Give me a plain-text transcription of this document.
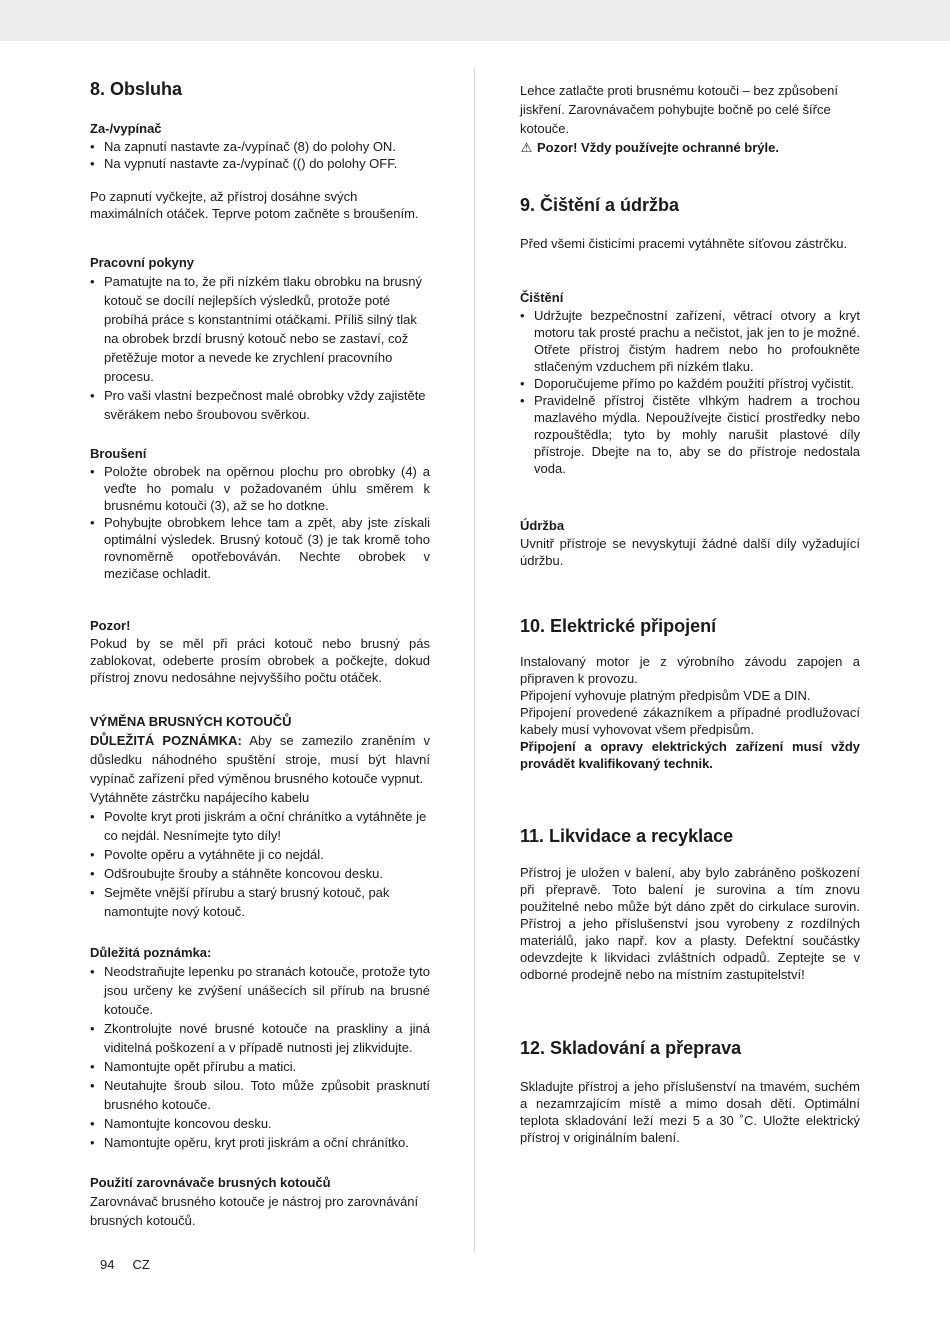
8. Obsluha
Za-/vypínač
• Na zapnutí nastavte za-/vypínač (8) do polohy ON.
• Na vypnutí nastavte za-/vypínač (() do polohy OFF.

Po zapnutí vyčkejte, až přístroj dosáhne svých maximálních otáček. Teprve potom začněte s broušením.

Pracovní pokyny
• Pamatujte na to, že při nízkém tlaku obrobku na brusný kotouč se docílí nejlepších výsledků, protože poté probíhá práce s konstantními otáčkami. Příliš silný tlak na obrobek brzdí brusný kotouč nebo se zastaví, což přetěžuje motor a nevede ke zrychlení pracovního procesu.
• Pro vaši vlastní bezpečnost malé obrobky vždy zajistěte svěrákem nebo šroubovou svěrkou.
Broušení
• Položte obrobek na opěrnou plochu pro obrobky (4) a veďte ho pomalu v požadovaném úhlu směrem k brusnému kotouči (3), až se ho dotkne.
• Pohybujte obrobkem lehce tam a zpět, aby jste získali optimální výsledek. Brusný kotouč (3) je tak kromě toho rovnoměrně opotřebováván. Nechte obrobek v mezičase ochladit.
Pozor!

Pokud by se měl při práci kotouč nebo brusný pás zablokovat, odeberte prosím obrobek a počkejte, dokud přístroj znovu nedosáhne nejvyššího počtu otáček.

VÝMĚNA BRUSNÝCH KOTOUČŮ

DŮLEŽITÁ POZNÁMKA: Aby se zamezilo zraněním v důsledku náhodného spuštění stroje, musí být hlavní vypínač zařízení před výměnou brusného kotouče vypnut.

Vytáhněte zástrčku napájecího kabelu

• Povolte kryt proti jiskrám a oční chránítko a vytáhněte je co nejdál. Nesnímejte tyto díly!
• Povolte opěru a vytáhněte ji co nejdál.
• Odšroubujte šrouby a stáhněte koncovou desku.
• Sejměte vnější přírubu a starý brusný kotouč, pak namontujte nový kotouč.
Důležitá poznámka:
• Neodstraňujte lepenku po stranách kotouče, protože tyto jsou určeny ke zvýšení unášecích sil přírub na brusné kotouče.
• Zkontrolujte nové brusné kotouče na praskliny a jiná viditelná poškození a v případě nutnosti jej zlikvidujte.
• Namontujte opět přírubu a matici.
• Neutahujte šroub silou. Toto může způsobit prasknutí brusného kotouče.
• Namontujte koncovou desku.
• Namontujte opěru, kryt proti jiskrám a oční chránítko.
Použití zarovnávače brusných kotoučů

Zarovnávač brusného kotouče je nástroj pro zarovnávání brusných kotoučů.

Lehce zatlačte proti brusnému kotouči – bez způsobení jiskření. Zarovnávačem pohybujte bočně po celé šířce kotouče.

⚠ Pozor! Vždy používejte ochranné brýle.

9. Čištění a údržba

Před všemi čisticími pracemi vytáhněte síťovou zástrčku.

Čištění
• Udržujte bezpečnostní zařízení, větrací otvory a kryt motoru tak prosté prachu a nečistot, jak jen to je možné. Otřete přístroj čistým hadrem nebo ho profoukněte stlačeným vzduchem při nízkém tlaku.
• Doporučujeme přímo po každém použití přístroj vyčistit.
• Pravidelně přístroj čistěte vlhkým hadrem a trochou mazlavého mýdla. Nepoužívejte čisticí prostředky nebo rozpouštědla; tyto by mohly narušit plastové díly přístroje. Dbejte na to, aby se do přístroje nedostala voda.
Údržba

Uvnitř přístroje se nevyskytují žádné další díly vyžadující údržbu.

10. Elektrické připojení

Instalovaný motor je z výrobního závodu zapojen a připraven k provozu.

Připojení vyhovuje platným předpisům VDE a DIN.

Připojení provedené zákazníkem a případné prodlužovací kabely musí vyhovovat všem předpisům.

Připojení a opravy elektrických zařízení musí vždy provádět kvalifikovaný technik.

11. Likvidace a recyklace

Přístroj je uložen v balení, aby bylo zabráněno poškození při přepravě. Toto balení je surovina a tím znovu použitelné nebo může být dáno zpět do cirkulace surovin. Přístroj a jeho příslušenství jsou vyrobeny z rozdílných materiálů, jako např. kov a plasty. Defektní součástky odevzdejte k likvidaci zvláštních odpadů. Zeptejte se v odborné prodejně nebo na místním zastupitelství!

12. Skladování a přeprava

Skladujte přístroj a jeho příslušenství na tmavém, suchém a nezamrzajícím místě a mimo dosah dětí. Optimální teplota skladování leží mezi 5 a 30 ˚C. Uložte elektrický přístroj v originálním balení.

94 CZ
